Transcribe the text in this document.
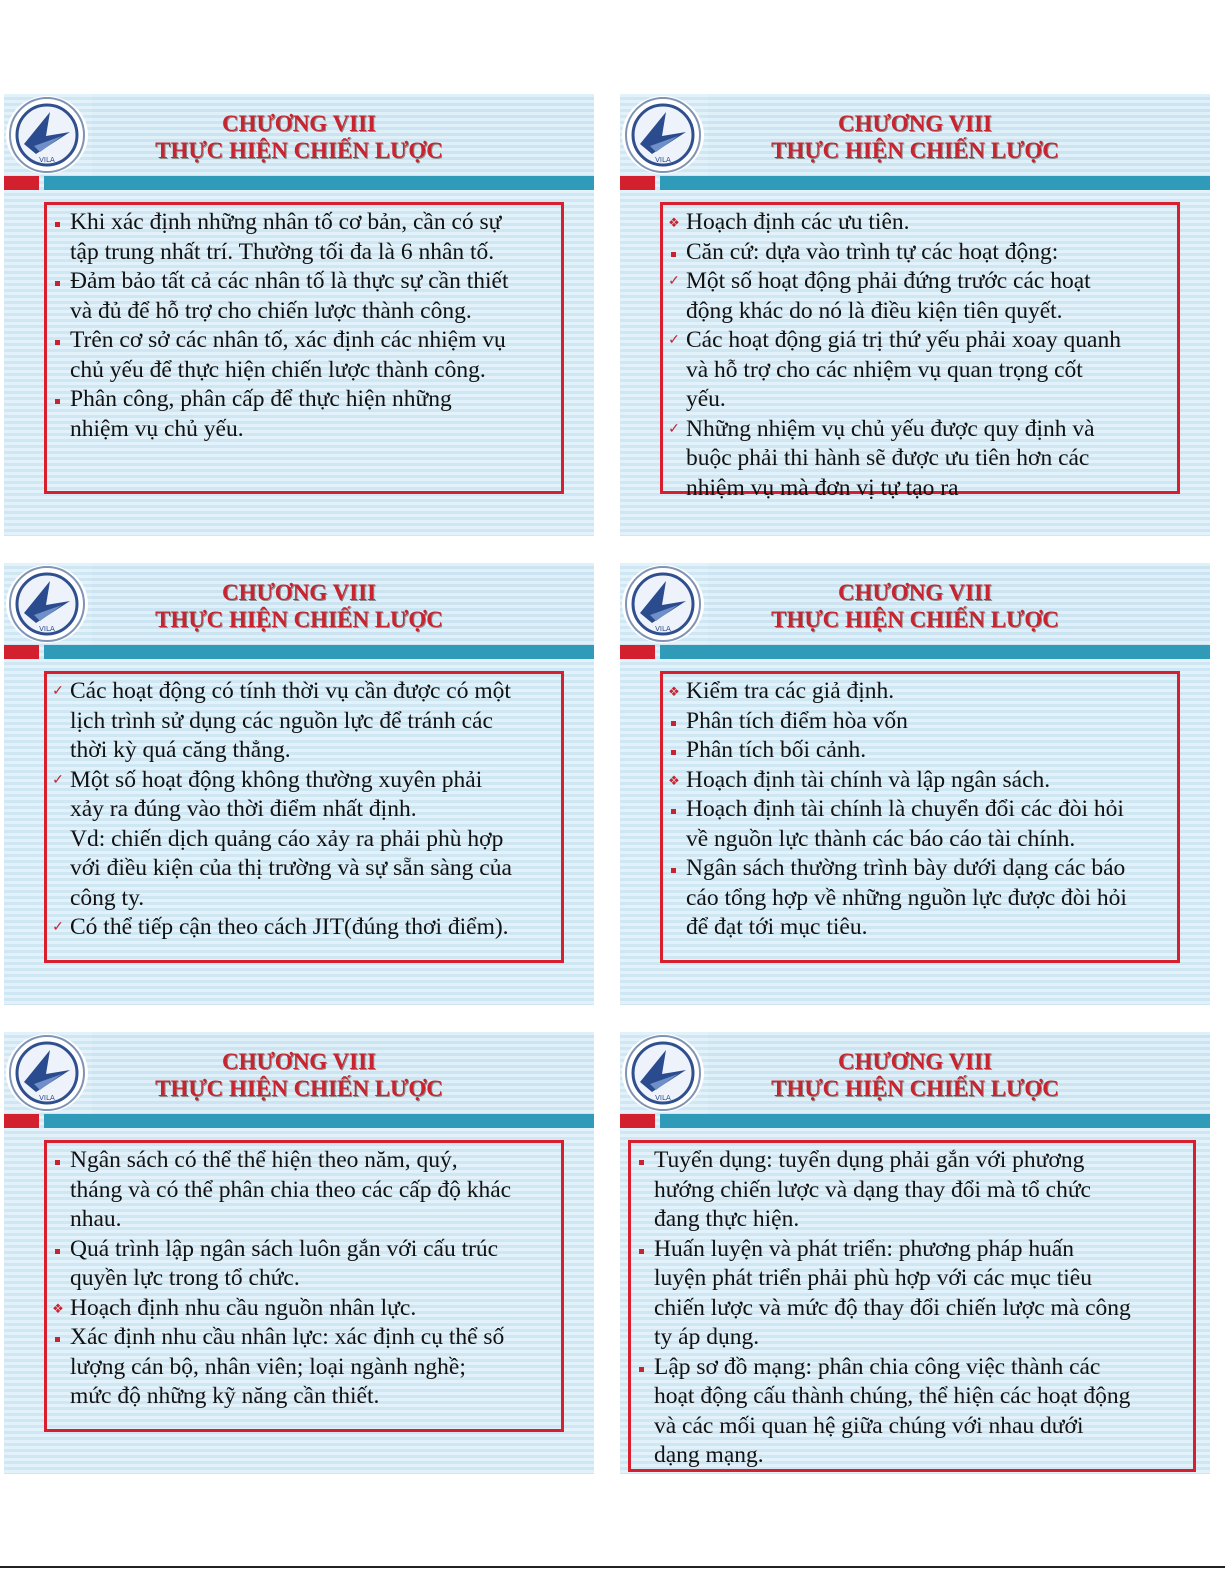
VILA
CHƯƠNG VIII
THỰC HIỆN CHIẾN LƯỢC
Khi xác định những nhân tố cơ bản, cần có sự
tập trung nhất trí. Thường tối đa là 6 nhân tố.
Đảm bảo tất cả các nhân tố là thực sự cần thiết
và đủ để hỗ trợ cho chiến lược thành công.
Trên cơ sở các nhân tố, xác định các nhiệm vụ
chủ yếu để thực hiện chiến lược thành công.
Phân công, phân cấp để thực hiện những
nhiệm vụ chủ yếu.
VILA
CHƯƠNG VIII
THỰC HIỆN CHIẾN LƯỢC
❖ Hoạch định các ưu tiên.
Căn cứ: dựa vào trình tự các hoạt động:
✓ Một số hoạt động phải đứng trước các hoạt
động khác do nó là điều kiện tiên quyết.
✓ Các hoạt động giá trị thứ yếu phải xoay quanh
và hỗ trợ cho các nhiệm vụ quan trọng cốt
yếu.
✓ Những nhiệm vụ chủ yếu được quy định và
buộc phải thi hành sẽ được ưu tiên hơn các
nhiệm vụ mà đơn vị tự tạo ra
VILA
CHƯƠNG VIII
THỰC HIỆN CHIẾN LƯỢC
✓ Các hoạt động có tính thời vụ cần được có một
lịch trình sử dụng các nguồn lực để tránh các
thời kỳ quá căng thẳng.
✓ Một số hoạt động không thường xuyên phải
xảy ra đúng vào thời điểm nhất định.
Vd: chiến dịch quảng cáo xảy ra phải phù hợp
với điều kiện của thị trường và sự sẵn sàng của
công ty.
✓ Có thể tiếp cận theo cách JIT(đúng thơi điểm).
VILA
CHƯƠNG VIII
THỰC HIỆN CHIẾN LƯỢC
❖ Kiểm tra các giả định.
Phân tích điểm hòa vốn
Phân tích bối cảnh.
❖ Hoạch định tài chính và lập ngân sách.
Hoạch định tài chính là chuyển đổi các đòi hỏi
về nguồn lực thành các báo cáo tài chính.
Ngân sách thường trình bày dưới dạng các báo
cáo tổng hợp về những nguồn lực được đòi hỏi
để đạt tới mục tiêu.
VILA
CHƯƠNG VIII
THỰC HIỆN CHIẾN LƯỢC
Ngân sách có thể thể hiện theo năm, quý,
tháng và có thể phân chia theo các cấp độ khác
nhau.
Quá trình lập ngân sách luôn gắn với cấu trúc
quyền lực trong tổ chức.
❖ Hoạch định nhu cầu nguồn nhân lực.
Xác định nhu cầu nhân lực: xác định cụ thể số
lượng cán bộ, nhân viên; loại ngành nghề;
mức độ những kỹ năng cần thiết.
VILA
CHƯƠNG VIII
THỰC HIỆN CHIẾN LƯỢC
Tuyển dụng: tuyển dụng phải gắn với phương
hướng chiến lược và dạng thay đổi mà tổ chức
đang thực hiện.
Huấn luyện và phát triển: phương pháp huấn
luyện phát triển phải phù hợp với các mục tiêu
chiến lược và mức độ thay đổi chiến lược mà công
ty áp dụng.
Lập sơ đồ mạng: phân chia công việc thành các
hoạt động cấu thành chúng, thể hiện các hoạt động
và các mối quan hệ giữa chúng với nhau dưới
dạng mạng.
